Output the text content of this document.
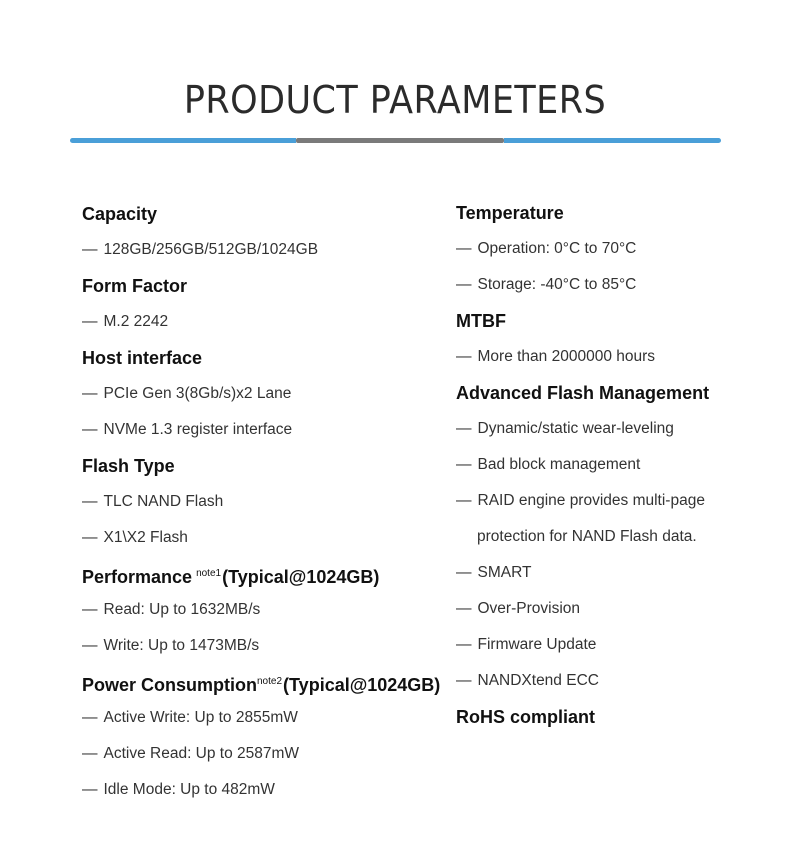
PRODUCT PARAMETERS
Capacity
— 128GB/256GB/512GB/1024GB
Form Factor
— M.2 2242
Host interface
— PCIe Gen 3(8Gb/s)x2 Lane
— NVMe 1.3 register interface
Flash Type
— TLC NAND Flash
— X1\X2 Flash
Performance $^{note1}$(Typical@1024GB)
— Read: Up to 1632MB/s
— Write: Up to 1473MB/s
Power Consumption$^{note2}$(Typical@1024GB)
— Active Write: Up to 2855mW
— Active Read: Up to 2587mW
— Idle Mode: Up to 482mW
Temperature
— Operation: 0°C to 70°C
— Storage: -40°C to 85°C
MTBF
— More than 2000000 hours
Advanced Flash Management
— Dynamic/static wear-leveling
— Bad block management
— RAID engine provides multi-page
protection for NAND Flash data.
— SMART
— Over-Provision
— Firmware Update
— NANDXtend ECC
RoHS compliant
